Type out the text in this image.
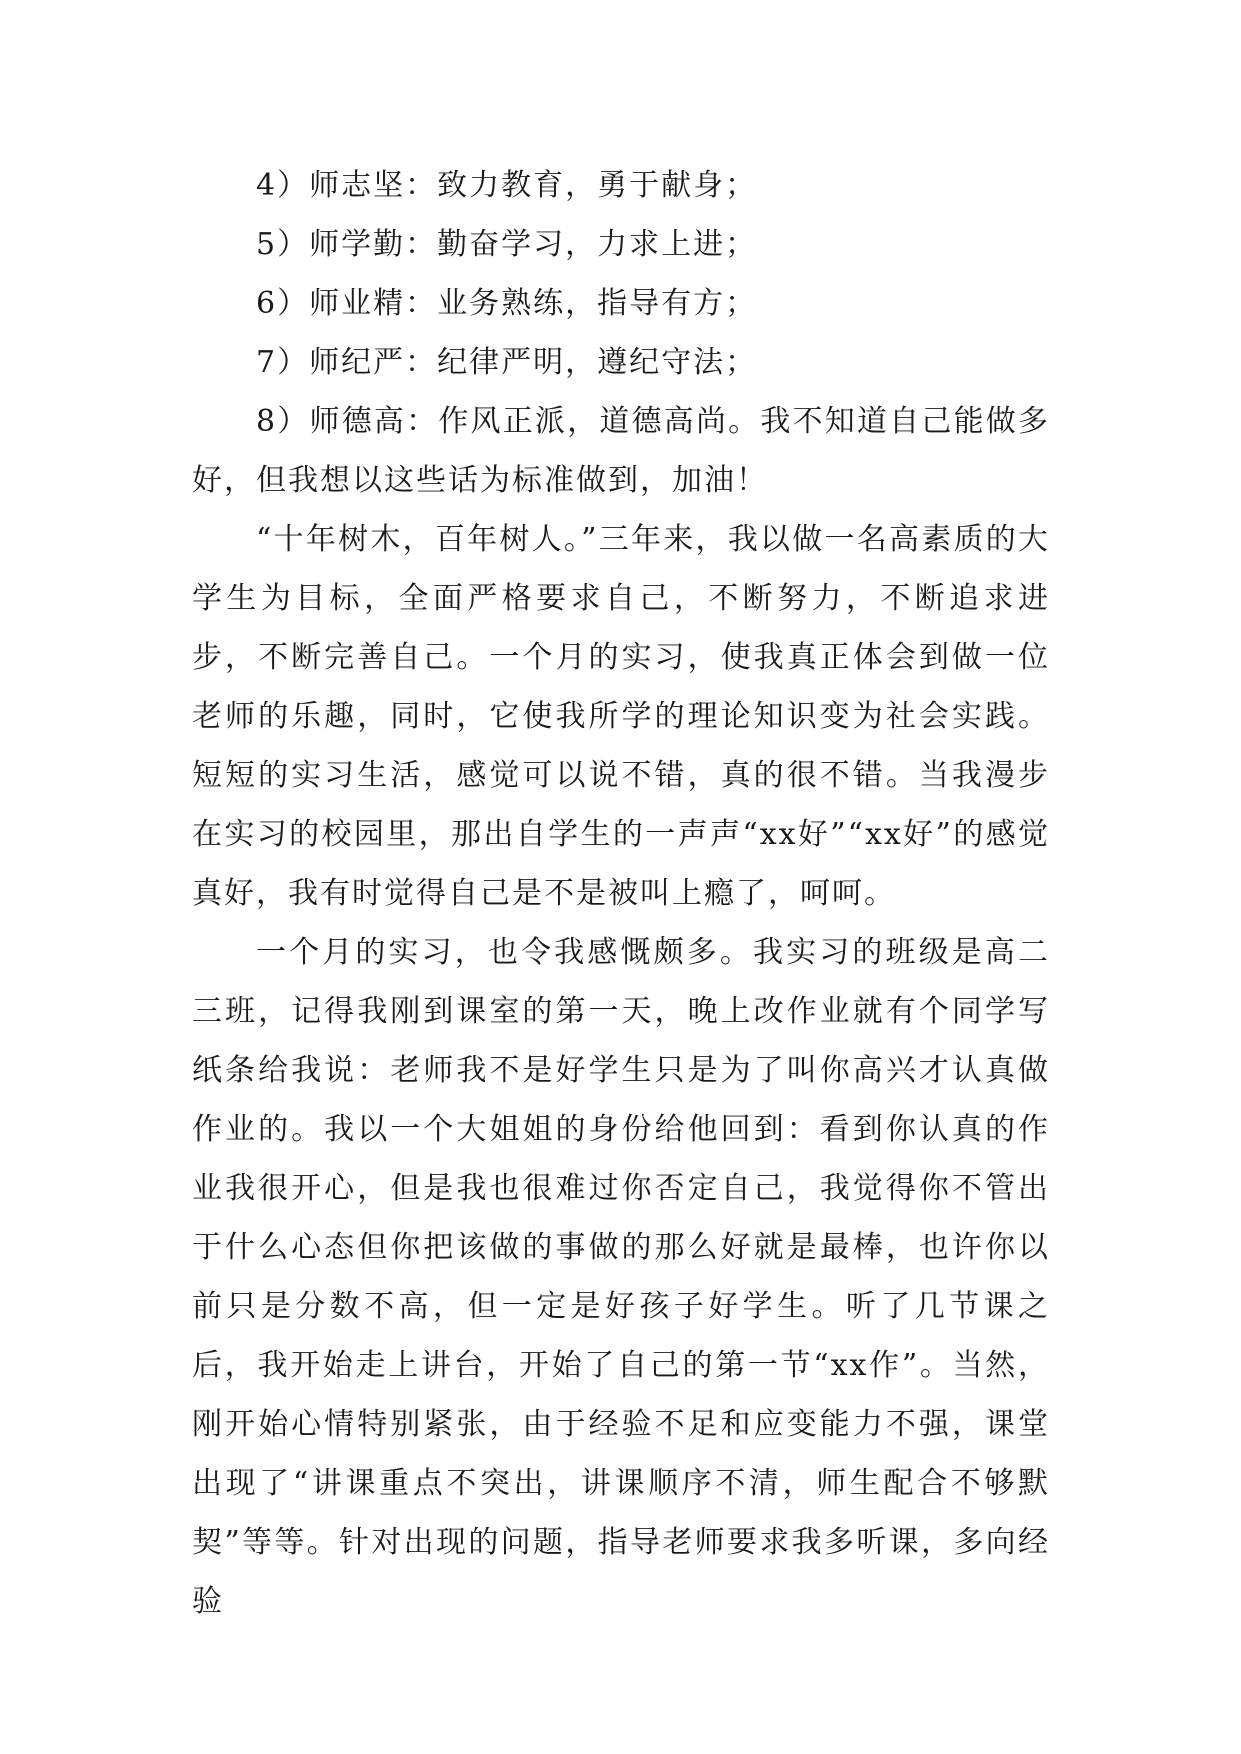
4）师志坚：致力教育，勇于献身；

5）师学勤：勤奋学习，力求上进；

6）师业精：业务熟练，指导有方；

7）师纪严：纪律严明，遵纪守法；

8）师德高：作风正派，道德高尚。我不知道自己能做多好，但我想以这些话为标准做到，加油！

“十年树木，百年树人。”三年来，我以做一名高素质的大学生为目标，全面严格要求自己，不断努力，不断追求进步，不断完善自己。一个月的实习，使我真正体会到做一位老师的乐趣，同时，它使我所学的理论知识变为社会实践。短短的实习生活，感觉可以说不错，真的很不错。当我漫步在实习的校园里，那出自学生的一声声“xx好”“xx好”的感觉真好，我有时觉得自己是不是被叫上瘾了，呵呵。

一个月的实习，也令我感慨颇多。我实习的班级是高二三班，记得我刚到课室的第一天，晚上改作业就有个同学写纸条给我说：老师我不是好学生只是为了叫你高兴才认真做作业的。我以一个大姐姐的身份给他回到：看到你认真的作业我很开心，但是我也很难过你否定自己，我觉得你不管出于什么心态但你把该做的事做的那么好就是最棒，也许你以前只是分数不高，但一定是好孩子好学生。听了几节课之后，我开始走上讲台，开始了自己的第一节“xx作”。当然，刚开始心情特别紧张，由于经验不足和应变能力不强，课堂出现了“讲课重点不突出，讲课顺序不清，师生配合不够默契”等等。针对出现的问题，指导老师要求我多听课，多向经验
